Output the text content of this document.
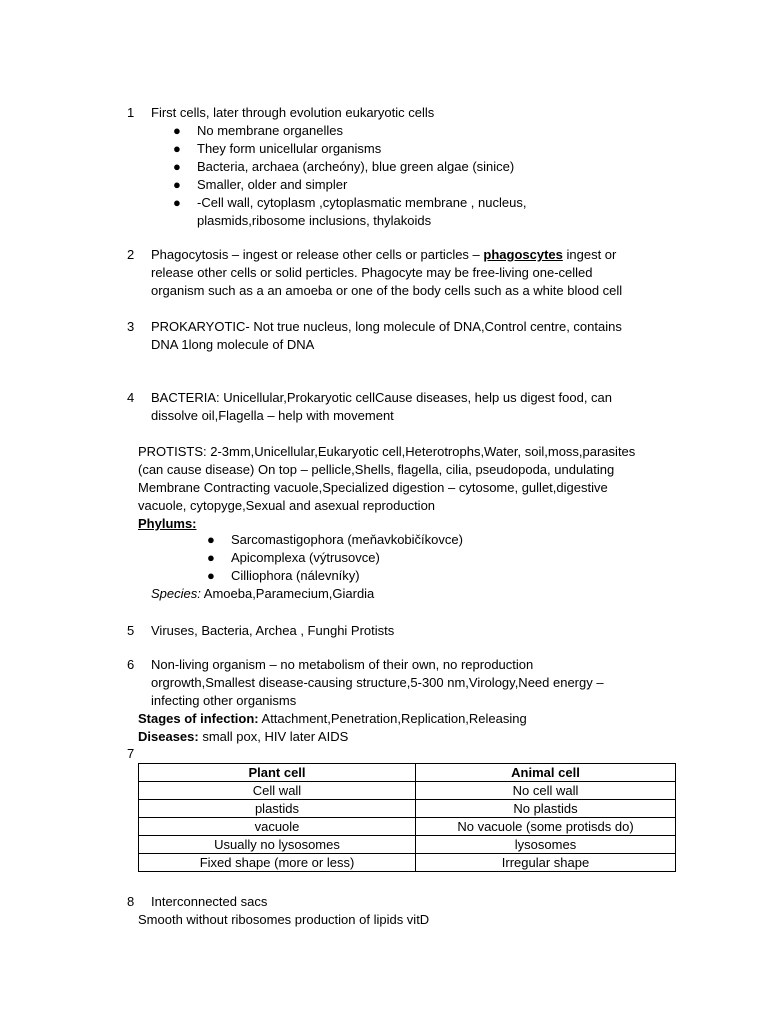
1 First cells, later through evolution eukaryotic cells
● No membrane organelles
● They form unicellular organisms
● Bacteria, archaea (archeóny), blue green algae (sinice)
● Smaller, older and simpler
● -Cell wall, cytoplasm ,cytoplasmatic membrane , nucleus,
plasmids,ribosome inclusions, thylakoids
2 Phagocytosis – ingest or release other cells or particles – phagoscytes ingest or
release other cells or solid perticles. Phagocyte may be free-living one-celled
organism such as a an amoeba or one of the body cells such as a white blood cell
3 PROKARYOTIC- Not true nucleus, long molecule of DNA,Control centre, contains
DNA 1long molecule of DNA
4 BACTERIA: Unicellular,Prokaryotic cellCause diseases, help us digest food, can
dissolve oil,Flagella – help with movement
PROTISTS: 2-3mm,Unicellular,Eukaryotic cell,Heterotrophs,Water, soil,moss,parasites
(can cause disease) On top – pellicle,Shells, flagella, cilia, pseudopoda, undulating
Membrane Contracting vacuole,Specialized digestion – cytosome, gullet,digestive
vacuole, cytopyge,Sexual and asexual reproduction
Phylums:
● Sarcomastigophora (meňavkobičíkovce)
● Apicomplexa (výtrusovce)
● Cilliophora (nálevníky)
Species: Amoeba,Paramecium,Giardia
5 Viruses, Bacteria, Archea , Funghi Protists
6 Non-living organism – no metabolism of their own, no reproduction
orgrowth,Smallest disease-causing structure,5-300 nm,Virology,Need energy –
infecting other organisms
Stages of infection: Attachment,Penetration,Replication,Releasing
Diseases: small pox, HIV later AIDS
7
Plant cell	Animal cell
Cell wall	No cell wall
plastids	No plastids
vacuole	No vacuole (some protisds do)
Usually no lysosomes	lysosomes
Fixed shape (more or less)	Irregular shape
8 Interconnected sacs
Smooth without ribosomes production of lipids vitD
